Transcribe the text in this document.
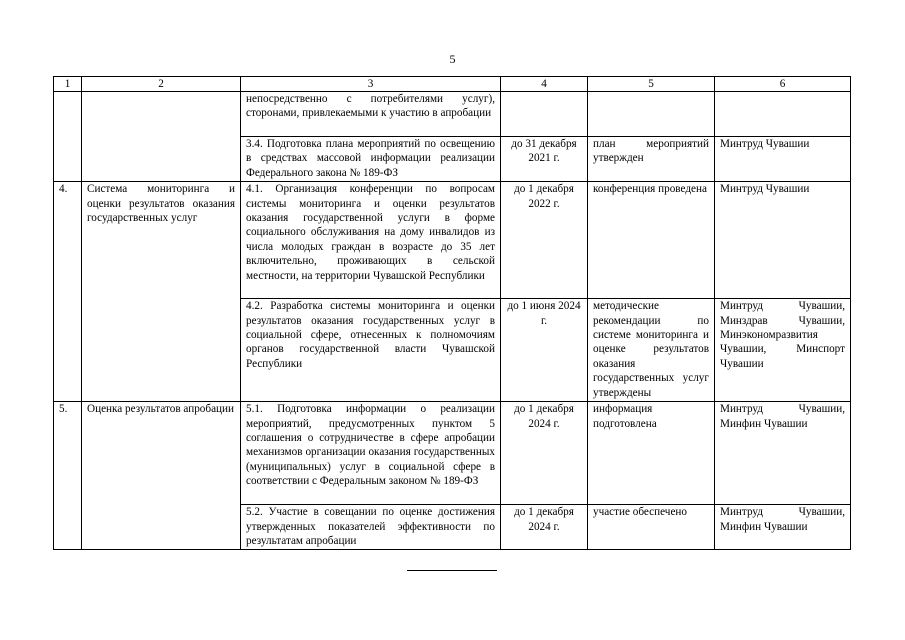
5
1	2	3	4	5	6
		непосредственно с потребителями услуг), сторонами, привлекаемыми к участию в апробации			
		3.4. Подготовка плана мероприятий по освещению в средствах массовой информации реализации Федерального закона № 189-ФЗ	до 31 декабря 2021 г.	план мероприятий утвержден	Минтруд Чувашии
4.	Система мониторинга и оценки результатов оказания государственных услуг	4.1. Организация конференции по вопросам системы мониторинга и оценки результатов оказания государственной услуги в форме социального обслуживания на дому инвалидов из числа молодых граждан в возрасте до 35 лет включительно, проживающих в сельской местности, на территории Чувашской Республики	до 1 декабря 2022 г.	конференция проведена	Минтруд Чувашии
		4.2. Разработка системы мониторинга и оценки результатов оказания государственных услуг в социальной сфере, отнесенных к полномочиям органов государственной власти Чувашской Республики	до 1 июня 2024 г.	методические рекомендации по системе мониторинга и оценке результатов оказания государственных услуг утверждены	Минтруд Чувашии, Минздрав Чувашии, Минэкономразвития Чувашии, Минспорт Чувашии
5.	Оценка результатов апробации	5.1. Подготовка информации о реализации мероприятий, предусмотренных пунктом 5 соглашения о сотрудничестве в сфере апробации механизмов организации оказания государственных (муниципальных) услуг в социальной сфере в соответствии с Федеральным законом № 189-ФЗ	до 1 декабря 2024 г.	информация подготовлена	Минтруд Чувашии, Минфин Чувашии
		5.2. Участие в совещании по оценке достижения утвержденных показателей эффективности по результатам апробации	до 1 декабря 2024 г.	участие обеспечено	Минтруд Чувашии, Минфин Чувашии
